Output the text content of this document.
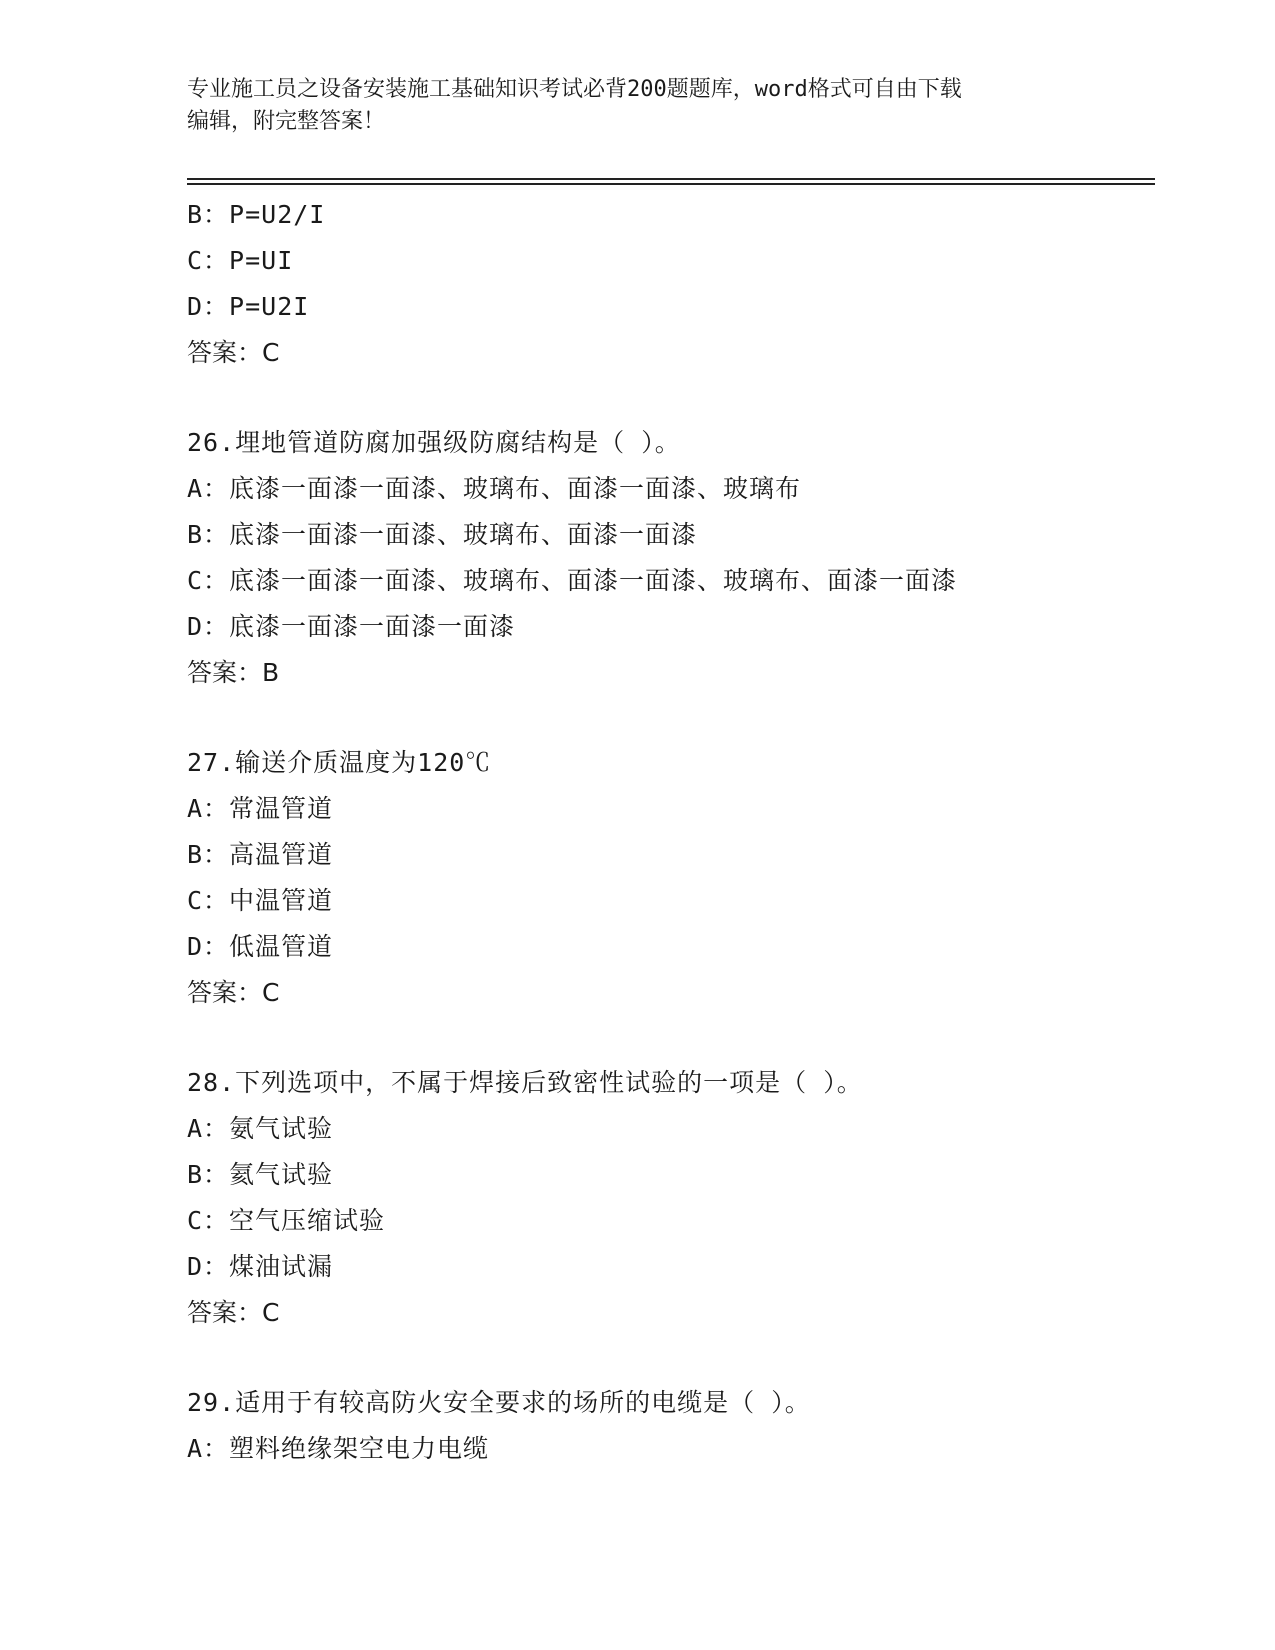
专业施工员之设备安装施工基础知识考试必背200题题库，word格式可自由下载
编辑，附完整答案！
B：P=U2/I
C：P=UI
D：P=U2I
答案：C
26.埋地管道防腐加强级防腐结构是（ ）。
A：底漆一面漆一面漆、玻璃布、面漆一面漆、玻璃布
B：底漆一面漆一面漆、玻璃布、面漆一面漆
C：底漆一面漆一面漆、玻璃布、面漆一面漆、玻璃布、面漆一面漆
D：底漆一面漆一面漆一面漆
答案：B
27.输送介质温度为120℃
A：常温管道
B：高温管道
C：中温管道
D：低温管道
答案：C
28.下列选项中，不属于焊接后致密性试验的一项是（ ）。
A：氨气试验
B：氦气试验
C：空气压缩试验
D：煤油试漏
答案：C
29.适用于有较高防火安全要求的场所的电缆是（ ）。
A：塑料绝缘架空电力电缆
